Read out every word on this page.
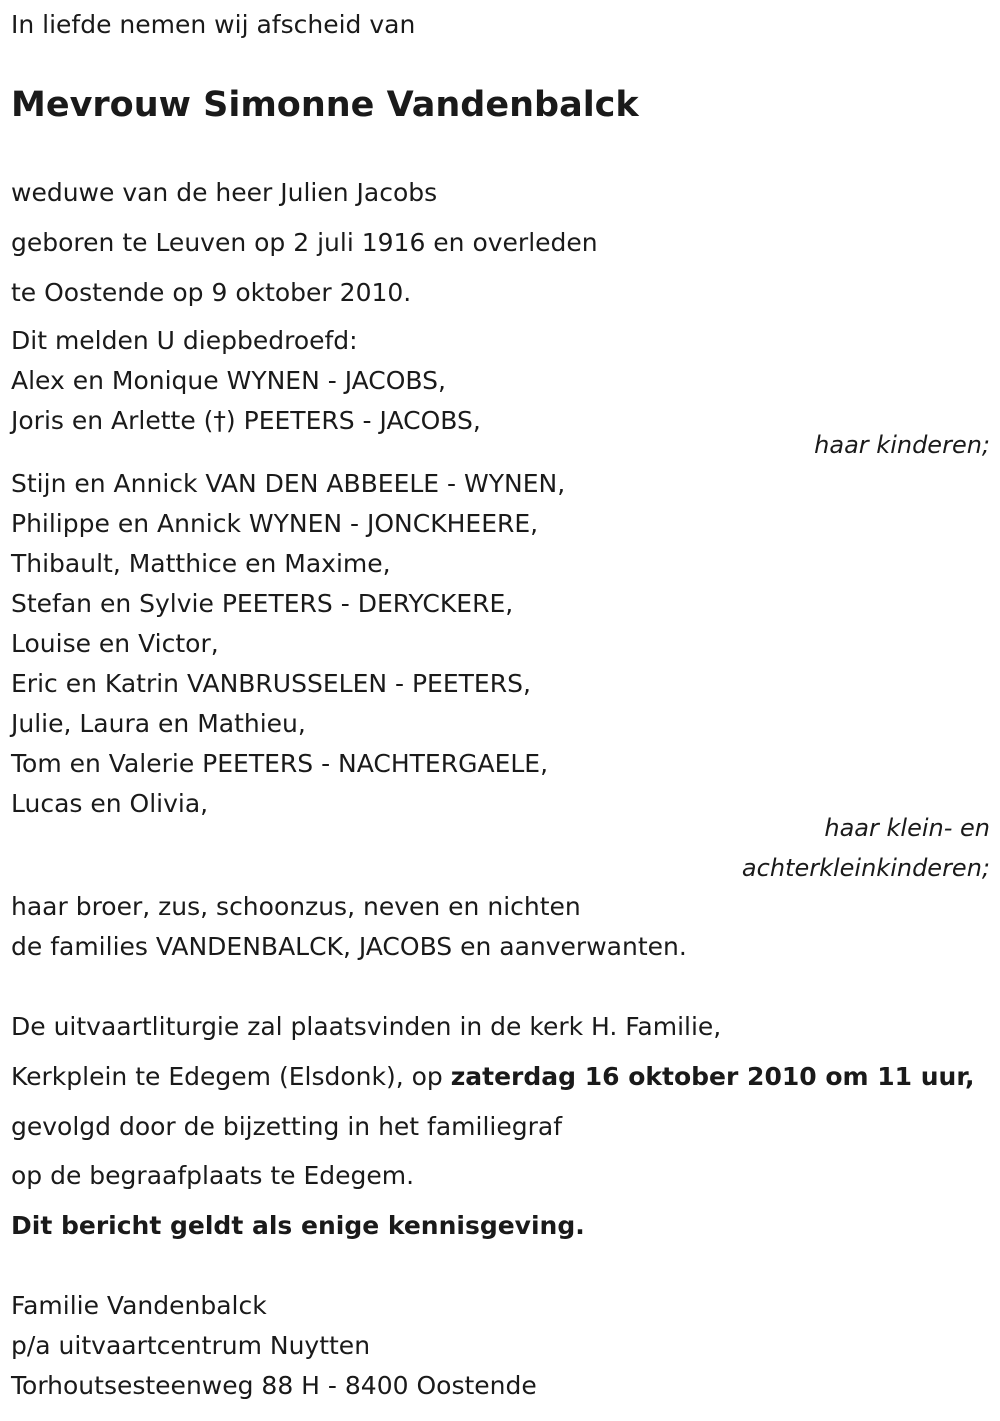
In liefde nemen wij afscheid van
Mevrouw Simonne Vandenbalck
weduwe van de heer Julien Jacobs
geboren te Leuven op 2 juli 1916 en overleden
te Oostende op 9 oktober 2010.
Dit melden U diepbedroefd:
Alex en Monique WYNEN - JACOBS,
Joris en Arlette (†) PEETERS - JACOBS,
haar kinderen;
Stijn en Annick VAN DEN ABBEELE - WYNEN,
Philippe en Annick WYNEN - JONCKHEERE,
Thibault, Matthice en Maxime,
Stefan en Sylvie PEETERS - DERYCKERE,
Louise en Victor,
Eric en Katrin VANBRUSSELEN - PEETERS,
Julie, Laura en Mathieu,
Tom en Valerie PEETERS - NACHTERGAELE,
Lucas en Olivia,
haar klein- en
achterkleinkinderen;
haar broer, zus, schoonzus, neven en nichten
de families VANDENBALCK, JACOBS en aanverwanten.
De uitvaartliturgie zal plaatsvinden in de kerk H. Familie,
Kerkplein te Edegem (Elsdonk), op zaterdag 16 oktober 2010 om 11 uur,
gevolgd door de bijzetting in het familiegraf
op de begraafplaats te Edegem.
Dit bericht geldt als enige kennisgeving.
Familie Vandenbalck
p/a uitvaartcentrum Nuytten
Torhoutsesteenweg 88 H - 8400 Oostende
